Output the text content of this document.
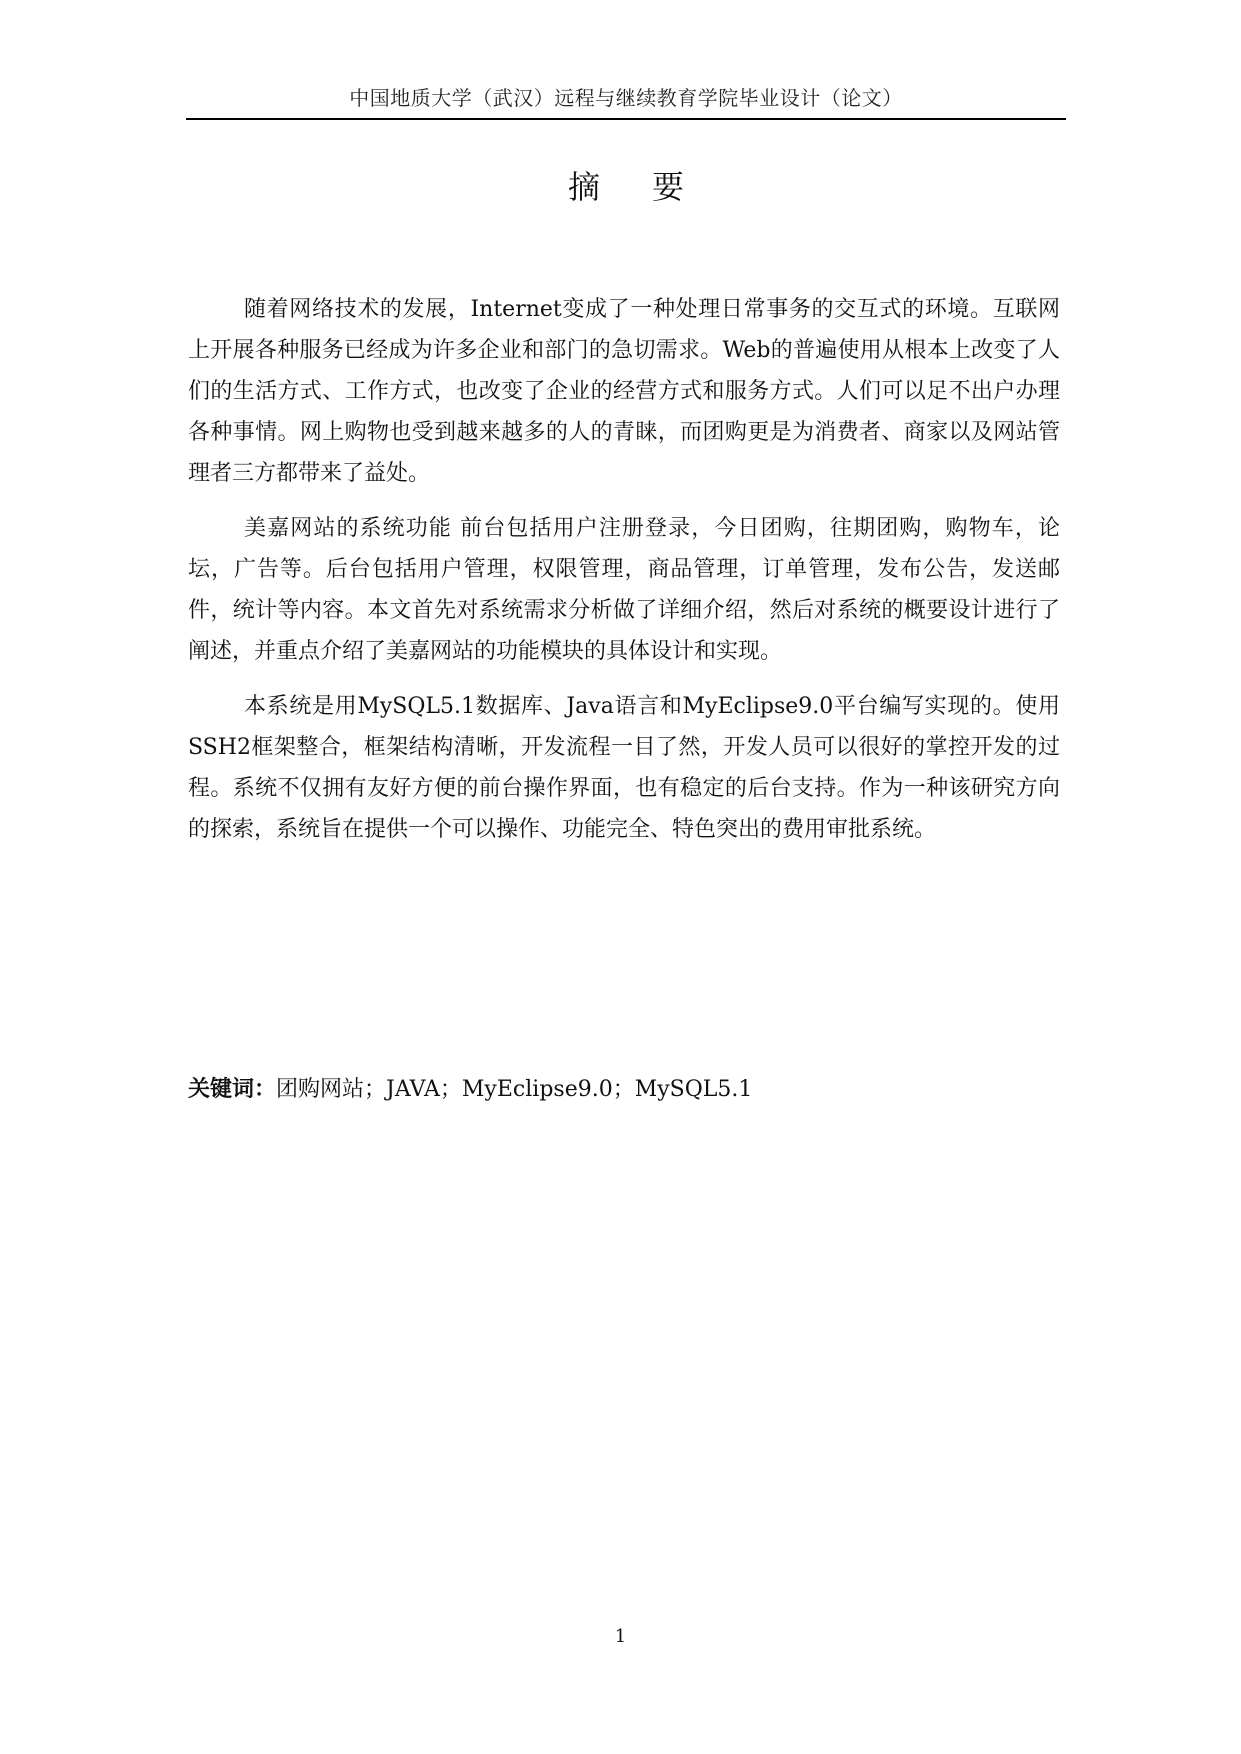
中国地质大学（武汉）远程与继续教育学院毕业设计（论文）
摘要

随着网络技术的发展，Internet变成了一种处理日常事务的交互式的环境。互联网上开展各种服务已经成为许多企业和部门的急切需求。Web的普遍使用从根本上改变了人们的生活方式、工作方式，也改变了企业的经营方式和服务方式。人们可以足不出户办理各种事情。网上购物也受到越来越多的人的青睐，而团购更是为消费者、商家以及网站管理者三方都带来了益处。

美嘉网站的系统功能 前台包括用户注册登录，今日团购，往期团购，购物车，论坛，广告等。后台包括用户管理，权限管理，商品管理，订单管理，发布公告，发送邮件，统计等内容。本文首先对系统需求分析做了详细介绍，然后对系统的概要设计进行了阐述，并重点介绍了美嘉网站的功能模块的具体设计和实现。

本系统是用MySQL5.1数据库、Java语言和MyEclipse9.0平台编写实现的。使用SSH2框架整合，框架结构清晰，开发流程一目了然，开发人员可以很好的掌控开发的过程。系统不仅拥有友好方便的前台操作界面，也有稳定的后台支持。作为一种该研究方向的探索，系统旨在提供一个可以操作、功能完全、特色突出的费用审批系统。

关键词：团购网站；JAVA；MyEclipse9.0；MySQL5.1
1
